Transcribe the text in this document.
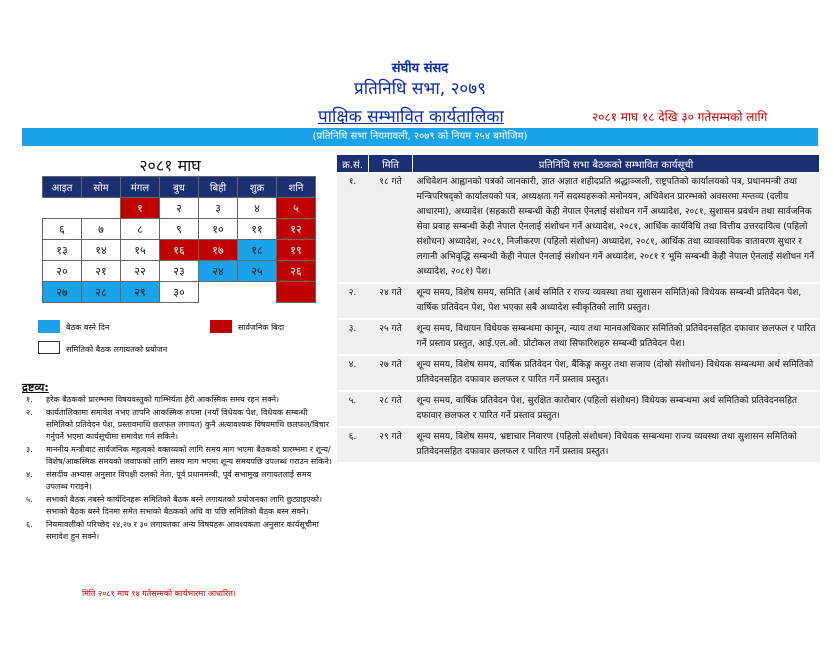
संघीय संसद
प्रतिनिधि सभा, २०७९
पाक्षिक सम्भावित कार्यतालिका	२०८१ माघ १८ देखि ३० गतेसम्मको लागि
(प्रतिनिधि सभा नियमावली, २०७९ को नियम २५४ बमोजिम)
२०८१ माघ
आइत	सोम	मंगल	बुध	बिही	शुक्र	शनि
		१	२	३	४	५
६	७	८	९	१०	११	१२
१३	१४	१५	१६	१७	१८	१९
२०	२१	२२	२३	२४	२५	२६
२७	२८	२९	३०			
बैठक बस्ने दिन	सार्वजनिक बिदा
समितिको बैठक लगायतको प्रयोजन
द्रष्टव्य:
१. हरेक बैठकको प्रारम्भमा विषयवस्तुको गाम्भिर्यता हेरी आकस्मिक समय रहन सक्ने।
२. कार्यतालिकामा समावेश नभए तापनि आकस्मिक रुपमा (नयाँ विधेयक पेश, विधेयक सम्बन्धी समितिको प्रतिवेदन पेश, प्रस्तावमाथि छलफल लगायत) कुनै अत्यावश्यक विषयमाथि छलफल/विचार गर्नुपर्ने भएमा कार्यसूचीमा समावेश गर्न सकिने।
३. माननीय मन्त्रीबाट सार्वजनिक महत्वको वक्तव्यको लागि समय माग भएमा बैठकको प्रारम्भमा र शून्य/विशेष/आकस्मिक समयको जवाफको लागि समय माग भएमा शून्य समयपछि उपलब्ध गराउन सकिने।
४. संसदीय अभ्यास अनुसार विपक्षी दलको नेता, पूर्व प्रधानमन्त्री, पूर्व सभामुख लगायतलाई समय उपलब्ध गराइने।
५. सभाको बैठक नबस्ने कार्यदिनहरू समितिको बैठक बस्ने लगायतको प्रयोजनका लागि छुट्याइएको। सभाको बैठक बस्ने दिनमा समेत सभाको बैठकको अघि वा पछि समितिको बैठक बस्न सक्ने।
६. नियमावलीको परिच्छेद २४,२७ र ३० लगायतका अन्य विषयहरू आवश्यकता अनुसार कार्यसूचीमा समावेश हुन सक्ने।
मिति २०८१ माघ १४ गतेसम्मको कार्यभारमा आधारित।
क्र.सं.	मिति	प्रतिनिधि सभा बैठकको सम्भावित कार्यसूची
१.	१८ गते	अधिवेशन आह्वानको पत्रको जानकारी, ज्ञात अज्ञात शहीदप्रति श्रद्धाञ्जली, राष्ट्रपतिको कार्यालयको पत्र, प्रधानमन्त्री तथा मन्त्रिपरिषद्को कार्यालयको पत्र, अध्यक्षता गर्ने सदस्यहरूको मनोनयन, अधिवेशन प्रारम्भको अवसरमा मन्तव्य (दलीय आधारमा), अध्यादेश (सहकारी सम्बन्धी केही नेपाल ऐनलाई संशोधन गर्ने अध्यादेश, २०८१, सुशासन प्रवर्धन तथा सार्वजनिक सेवा प्रवाह सम्बन्धी केही नेपाल ऐनलाई संशोधन गर्ने अध्यादेश, २०८१, आर्थिक कार्यविधि तथा वित्तीय उत्तरदायित्व (पहिलो संशोधन) अध्यादेश, २०८१, निजीकरण (पहिलो संशोधन) अध्यादेश, २०८१, आर्थिक तथा व्यावसायिक वातावरण सुधार र लगानी अभिवृद्धि सम्बन्धी केही नेपाल ऐनलाई संशोधन गर्ने अध्यादेश, २०८१ र भूमि सम्बन्धी केही नेपाल ऐनलाई संशोधन गर्ने अध्यादेश, २०८१) पेश।
२.	२४ गते	शून्य समय, विशेष समय, समिति (अर्थ समिति र राज्य व्यवस्था तथा सुशासन समिति)को विधेयक सम्बन्धी प्रतिवेदन पेश, वार्षिक प्रतिवेदन पेश, पेश भएका सबै अध्यादेश स्वीकृतिको लागि प्रस्तुत।
३.	२५ गते	शून्य समय, विधायन विधेयक सम्बन्धमा कानून, न्याय तथा मानवअधिकार समितिको प्रतिवेदनसहित दफावार छलफल र पारित गर्ने प्रस्ताव प्रस्तुत, आई.एल.ओ. प्रोटोकल तथा सिफारिशहरु सम्बन्धी प्रतिवेदन पेश।
४.	२७ गते	शून्य समय, विशेष समय, वार्षिक प्रतिवेदन पेश, बैंकिङ्ग कसुर तथा सजाय (दोस्रो संशोधन) विधेयक सम्बन्धमा अर्थ समितिको प्रतिवेदनसहित दफावार छलफल र पारित गर्ने प्रस्ताव प्रस्तुत।
५.	२८ गते	शून्य समय, वार्षिक प्रतिवेदन पेश, सुरक्षित कारोबार (पहिलो संशोधन) विधेयक सम्बन्धमा अर्थ समितिको प्रतिवेदनसहित दफावार छलफल र पारित गर्ने प्रस्ताव प्रस्तुत।
६.	२९ गते	शून्य समय, विशेष समय, भ्रष्टाचार निवारण (पहिलो संशोधन) विधेयक सम्बन्धमा राज्य व्यवस्था तथा सुशासन समितिको प्रतिवेदनसहित दफावार छलफल र पारित गर्ने प्रस्ताव प्रस्तुत।
